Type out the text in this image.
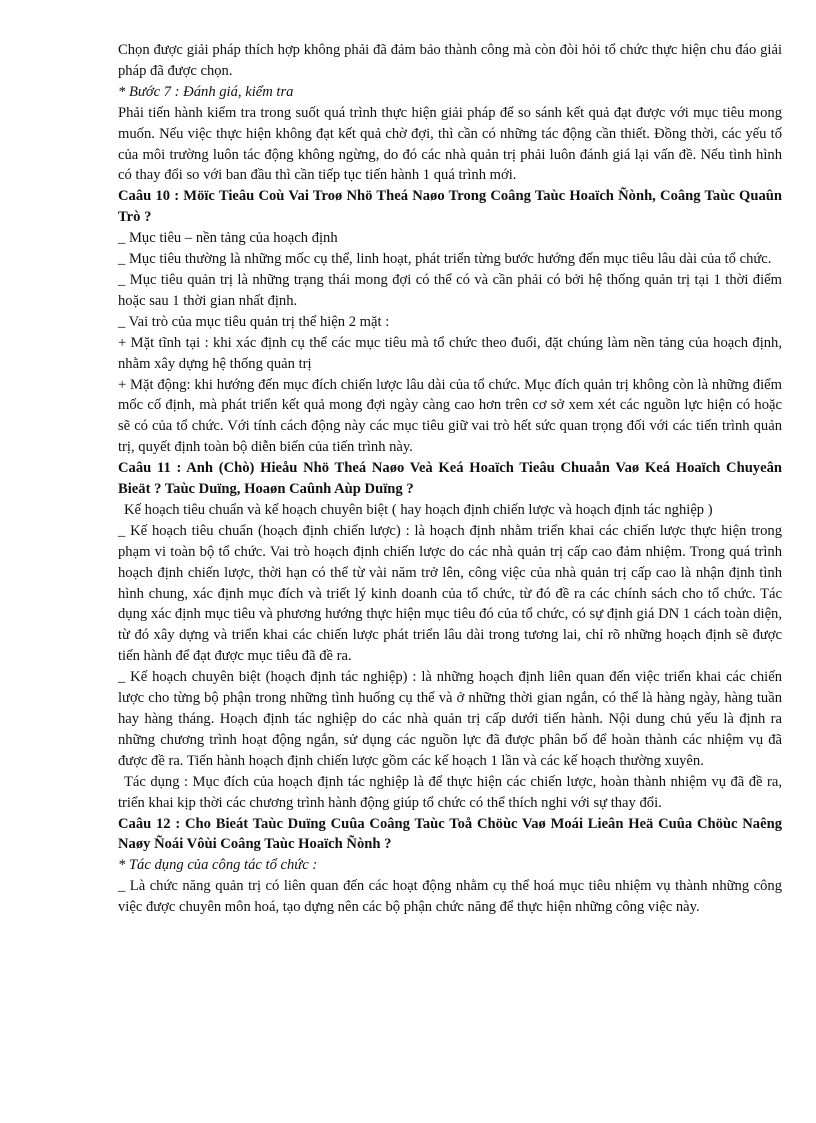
Chọn được giải pháp thích hợp không phải đã đảm bảo thành công mà còn đòi hỏi tổ chức thực hiện chu đáo giải pháp đã được chọn.

* Bước 7 : Đánh giá, kiểm tra

Phải tiến hành kiểm tra trong suốt quá trình thực hiện giải pháp để so sánh kết quả đạt được với mục tiêu mong muốn. Nếu việc thực hiện không đạt kết quả chờ đợi, thì cần có những tác động cần thiết. Đồng thời, các yếu tố của môi trường luôn tác động không ngừng, do đó các nhà quản trị phải luôn đánh giá lại vấn đề. Nếu tình hình có thay đổi so với ban đầu thì cần tiếp tục tiến hành 1 quá trình mới.

Caâu 10 : Möïc Tieâu Coù Vai Troø Nhö Theá Naøo Trong Coâng Taùc Hoaïch Ñònh, Coâng Taùc Quaûn Trò ?

_ Mục tiêu – nền tảng của hoạch định

_ Mục tiêu thường là những mốc cụ thể, linh hoạt, phát triển từng bước hướng đến mục tiêu lâu dài của tổ chức.

_ Mục tiêu quản trị là những trạng thái mong đợi có thể có và cần phải có bởi hệ thống quản trị tại 1 thời điểm hoặc sau 1 thời gian nhất định.

_ Vai trò của mục tiêu quản trị thể hiện 2 mặt :

+ Mặt tĩnh tại : khi xác định cụ thể các mục tiêu mà tổ chức theo đuổi, đặt chúng làm nền tảng của hoạch định, nhằm xây dựng hệ thống quản trị

+ Mặt động: khi hướng đến mục đích chiến lược lâu dài của tổ chức. Mục đích quản trị không còn là những điểm mốc cố định, mà phát triển kết quả mong đợi ngày càng cao hơn trên cơ sở xem xét các nguồn lực hiện có hoặc sẽ có của tổ chức. Với tính cách động này các mục tiêu giữ vai trò hết sức quan trọng đối với các tiến trình quản trị, quyết định toàn bộ diễn biến của tiến trình này.

Caâu 11 : Anh (Chò) Hieåu Nhö Theá Naøo Veà Keá Hoaïch Tieâu Chuaån Vaø Keá Hoaïch Chuyeân Bieät ? Taùc Duïng, Hoaøn Caûnh Aùp Duïng ?

Kế hoạch tiêu chuẩn và kế hoạch chuyên biệt ( hay hoạch định chiến lược và hoạch định tác nghiệp )

_ Kế hoạch tiêu chuẩn (hoạch định chiến lược) : là hoạch định nhằm triển khai các chiến lược thực hiện trong phạm vi toàn bộ tổ chức. Vai trò hoạch định chiến lược do các nhà quản trị cấp cao đảm nhiệm. Trong quá trình hoạch định chiến lược, thời hạn có thể từ vài năm trở lên, công việc của nhà quản trị cấp cao là nhận định tình hình chung, xác định mục đích và triết lý kinh doanh của tổ chức, từ đó đề ra các chính sách cho tổ chức. Tác dụng xác định mục tiêu và phương hướng thực hiện mục tiêu đó của tổ chức, có sự định giá DN 1 cách toàn diện, từ đó xây dựng và triển khai các chiến lược phát triển lâu dài trong tương lai, chỉ rõ những hoạch định sẽ được tiến hành để đạt được mục tiêu đã đề ra.

_ Kế hoạch chuyên biệt (hoạch định tác nghiệp) : là những hoạch định liên quan đến việc triển khai các chiến lược cho từng bộ phận trong những tình huống cụ thể và ở những thời gian ngắn, có thể là hàng ngày, hàng tuần hay hàng tháng. Hoạch định tác nghiệp do các nhà quản trị cấp dưới tiến hành. Nội dung chủ yếu là định ra những chương trình hoạt động ngắn, sử dụng các nguồn lực đã được phân bố để hoàn thành các nhiệm vụ đã được đề ra. Tiến hành hoạch định chiến lược gồm các kế hoạch 1 lần và các kế hoạch thường xuyên.

Tác dụng : Mục đích của hoạch định tác nghiệp là để thực hiện các chiến lược, hoàn thành nhiệm vụ đã đề ra, triển khai kịp thời các chương trình hành động giúp tổ chức có thể thích nghi với sự thay đổi.

Caâu 12 : Cho Bieát Taùc Duïng Cuûa Coâng Taùc Toå Chöùc Vaø Moái Lieân Heä Cuûa Chöùc Naêng Naøy Ñoái Vôùi Coâng Taùc Hoaïch Ñònh ?

* Tác dụng của công tác tổ chức :

_ Là chức năng quản trị có liên quan đến các hoạt động nhằm cụ thể hoá mục tiêu nhiệm vụ thành những công việc được chuyên môn hoá, tạo dựng nên các bộ phận chức năng để thực hiện những công việc này.
